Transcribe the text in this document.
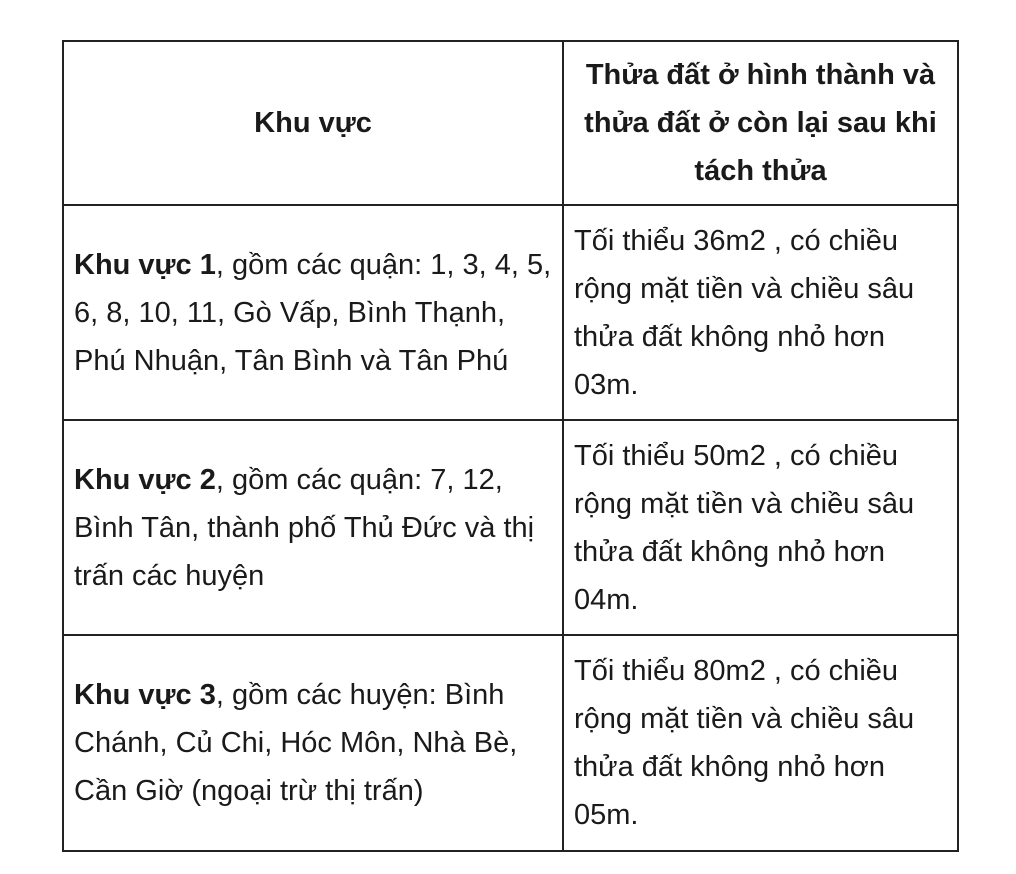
Khu vực	Thửa đất ở hình thành và thửa đất ở còn lại sau khi tách thửa
Khu vực 1, gồm các quận: 1, 3, 4, 5, 6, 8, 10, 11, Gò Vấp, Bình Thạnh, Phú Nhuận, Tân Bình và Tân Phú	Tối thiểu 36m2 , có chiều rộng mặt tiền và chiều sâu thửa đất không nhỏ hơn 03m.
Khu vực 2, gồm các quận: 7, 12, Bình Tân, thành phố Thủ Đức và thị trấn các huyện	Tối thiểu 50m2 , có chiều rộng mặt tiền và chiều sâu thửa đất không nhỏ hơn 04m.
Khu vực 3, gồm các huyện: Bình Chánh, Củ Chi, Hóc Môn, Nhà Bè, Cần Giờ (ngoại trừ thị trấn)	Tối thiểu 80m2 , có chiều rộng mặt tiền và chiều sâu thửa đất không nhỏ hơn 05m.
